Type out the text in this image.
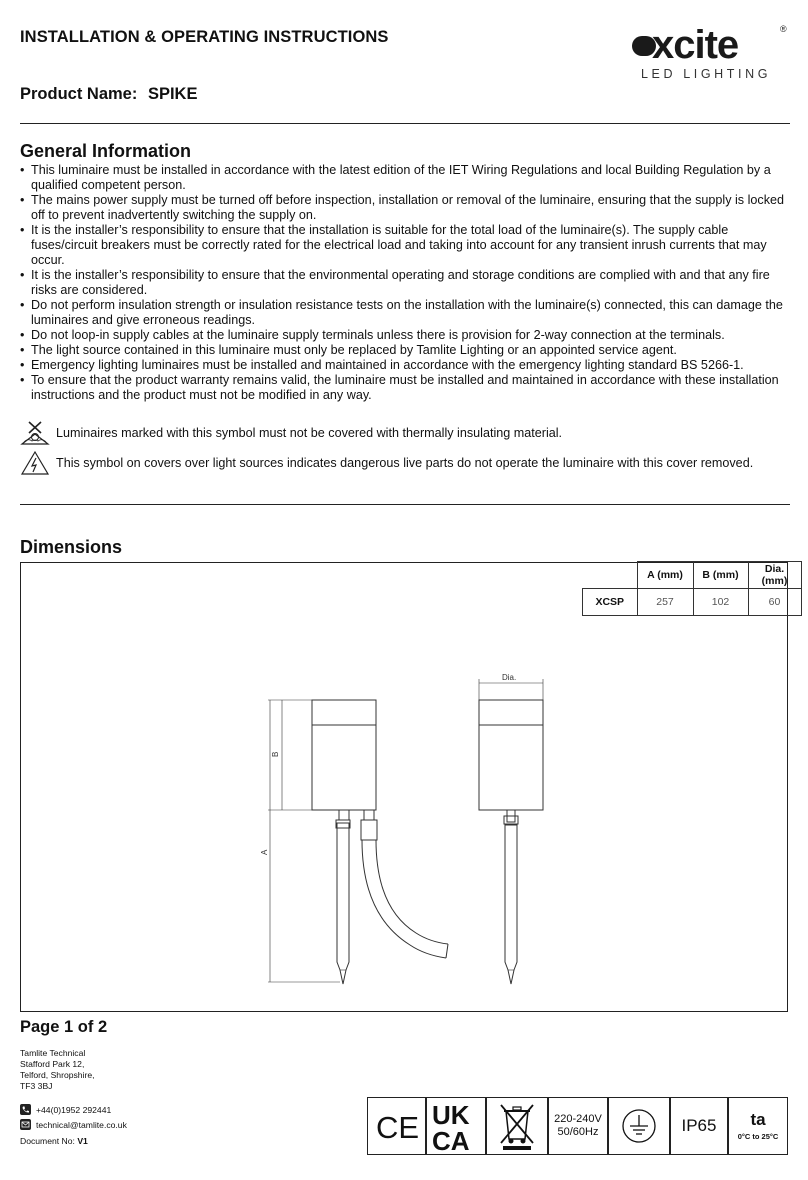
INSTALLATION & OPERATING INSTRUCTIONS	xcite	®
LED LIGHTING
Product Name: SPIKE
General Information
• This luminaire must be installed in accordance with the latest edition of the IET Wiring Regulations and local Building Regulation by a qualified competent person.
• The mains power supply must be turned off before inspection, installation or removal of the luminaire, ensuring that the supply is locked off to prevent inadvertently switching the supply on.
• It is the installer’s responsibility to ensure that the installation is suitable for the total load of the luminaire(s). The supply cable fuses/circuit breakers must be correctly rated for the electrical load and taking into account for any transient inrush currents that may occur.
• It is the installer’s responsibility to ensure that the environmental operating and storage conditions are complied with and that any fire risks are considered.
• Do not perform insulation strength or insulation resistance tests on the installation with the luminaire(s) connected, this can damage the luminaires and give erroneous readings.
• Do not loop-in supply cables at the luminaire supply terminals unless there is provision for 2-way connection at the terminals.
• The light source contained in this luminaire must only be replaced by Tamlite Lighting or an appointed service agent.
• Emergency lighting luminaires must be installed and maintained in accordance with the emergency lighting standard BS 5266-1.
• To ensure that the product warranty remains valid, the luminaire must be installed and maintained in accordance with these installation instructions and the product must not be modified in any way.
Luminaires marked with this symbol must not be covered with thermally insulating material.
This symbol on covers over light sources indicates dangerous live parts do not operate the luminaire with this cover removed.
Dimensions
	A (mm)	B (mm)	Dia. (mm)
XCSP	257	102	60
B
A
Dia.
Page 1 of 2
Tamlite Technical
Stafford Park 12,
Telford, Shropshire,
TF3 3BJ
+44(0)1952 292441
technical@tamlite.co.uk
Document No: V1	CE UK
CA
220-240V
50/60Hz	IP65	ta
0°C to 25°C
